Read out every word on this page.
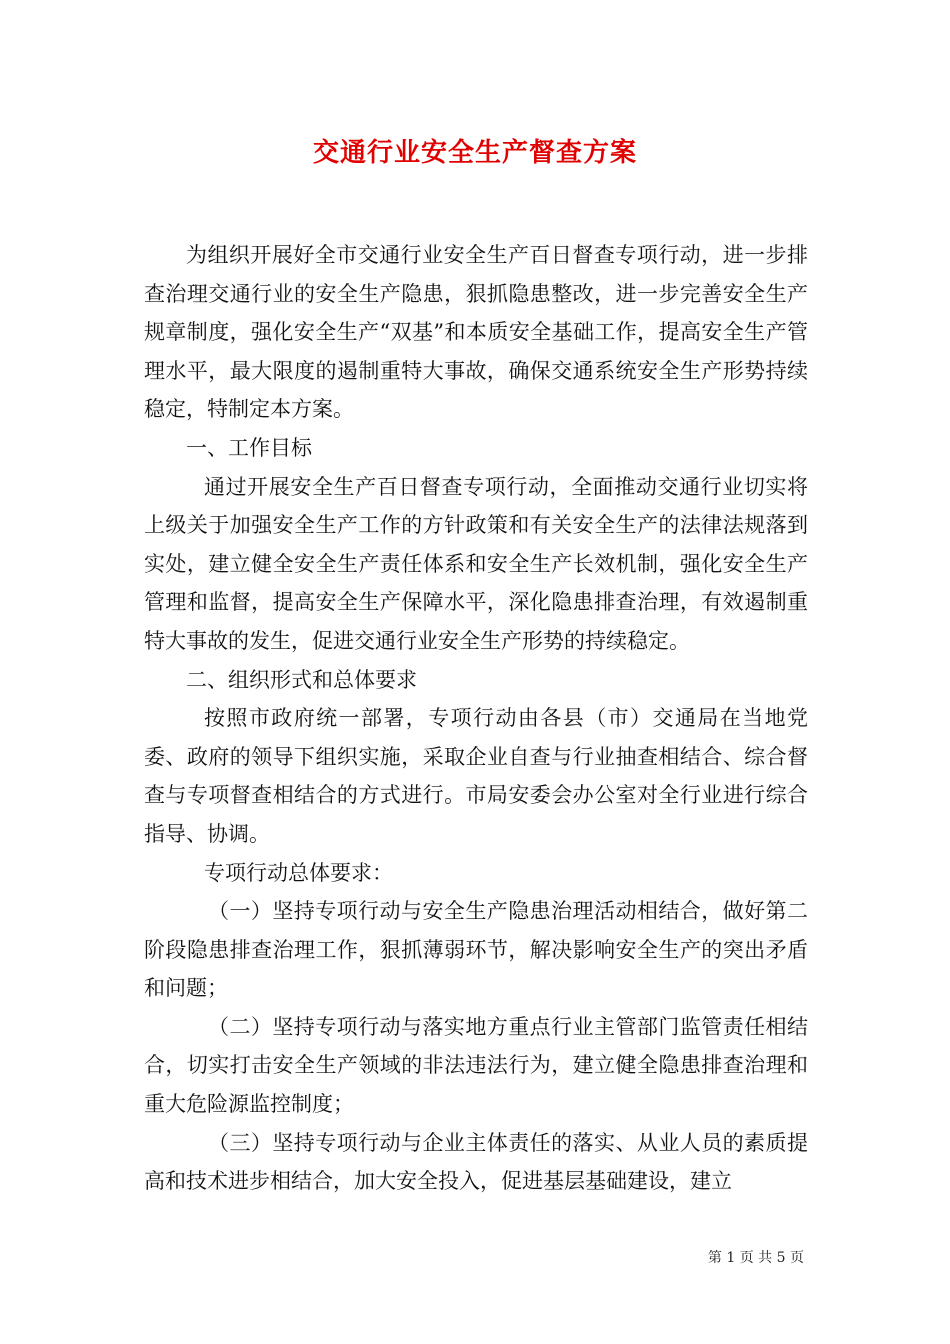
交通行业安全生产督查方案

为组织开展好全市交通行业安全生产百日督查专项行动，进一步排查治理交通行业的安全生产隐患，狠抓隐患整改，进一步完善安全生产规章制度，强化安全生产“双基”和本质安全基础工作，提高安全生产管理水平，最大限度的遏制重特大事故，确保交通系统安全生产形势持续稳定，特制定本方案。

一、工作目标

通过开展安全生产百日督查专项行动，全面推动交通行业切实将上级关于加强安全生产工作的方针政策和有关安全生产的法律法规落到实处，建立健全安全生产责任体系和安全生产长效机制，强化安全生产管理和监督，提高安全生产保障水平，深化隐患排查治理，有效遏制重特大事故的发生，促进交通行业安全生产形势的持续稳定。

二、组织形式和总体要求

按照市政府统一部署，专项行动由各县（市）交通局在当地党委、政府的领导下组织实施，采取企业自查与行业抽查相结合、综合督查与专项督查相结合的方式进行。市局安委会办公室对全行业进行综合指导、协调。

专项行动总体要求：

（一）坚持专项行动与安全生产隐患治理活动相结合，做好第二阶段隐患排查治理工作，狠抓薄弱环节，解决影响安全生产的突出矛盾和问题；

（二）坚持专项行动与落实地方重点行业主管部门监管责任相结合，切实打击安全生产领域的非法违法行为，建立健全隐患排查治理和重大危险源监控制度；

（三）坚持专项行动与企业主体责任的落实、从业人员的素质提高和技术进步相结合，加大安全投入，促进基层基础建设，建立

第 1 页 共 5 页
